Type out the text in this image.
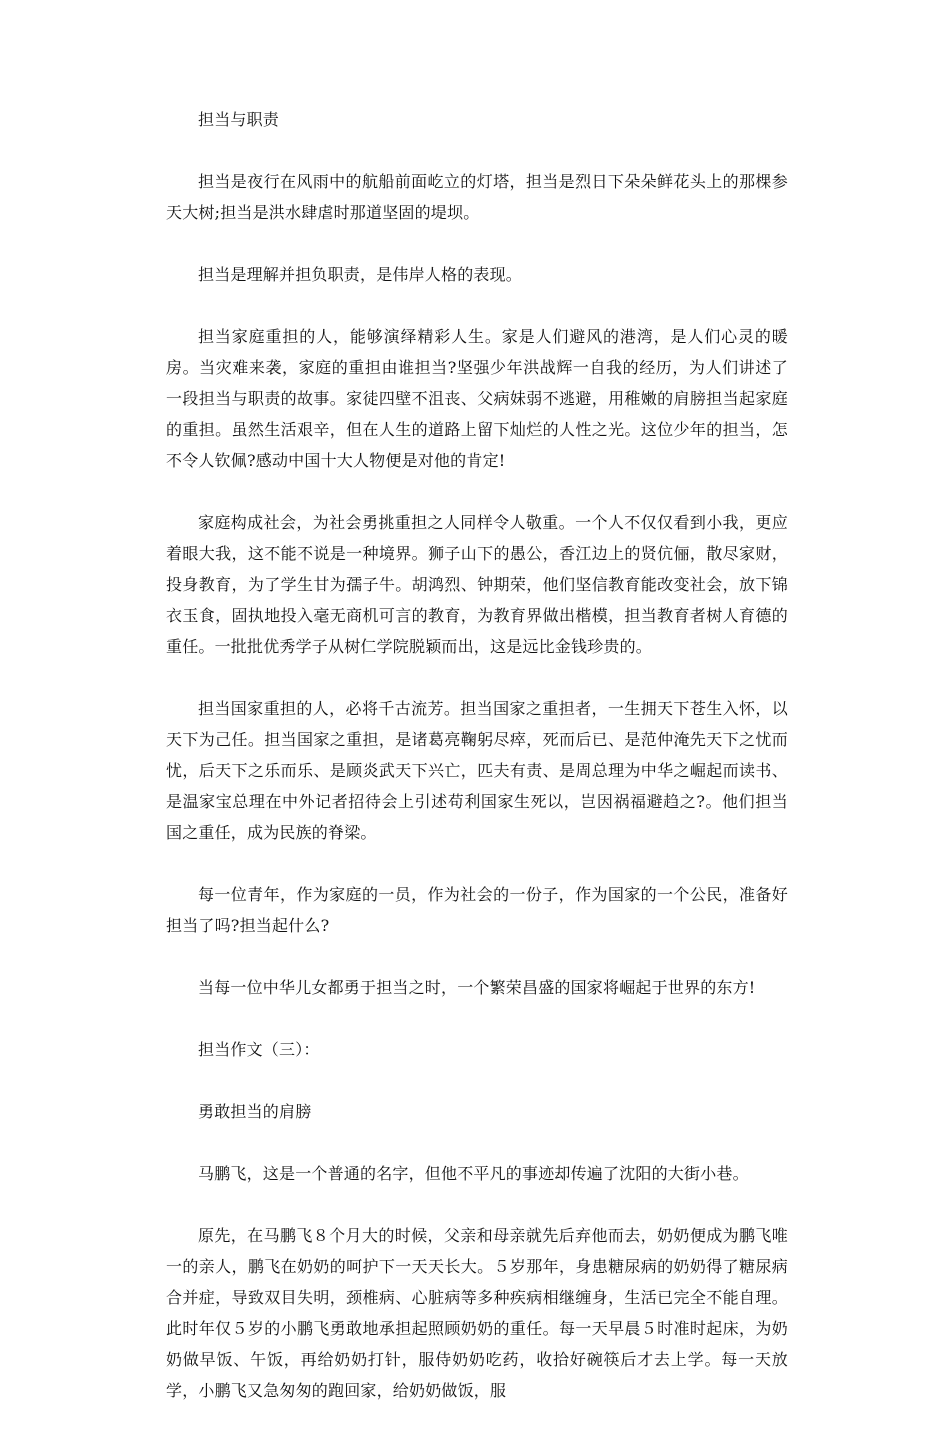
担当与职责

担当是夜行在风雨中的航船前面屹立的灯塔，担当是烈日下朵朵鲜花头上的那棵参天大树;担当是洪水肆虐时那道坚固的堤坝。

担当是理解并担负职责，是伟岸人格的表现。

担当家庭重担的人，能够演绎精彩人生。家是人们避风的港湾，是人们心灵的暖房。当灾难来袭，家庭的重担由谁担当?坚强少年洪战辉一自我的经历，为人们讲述了一段担当与职责的故事。家徒四壁不沮丧、父病妹弱不逃避，用稚嫩的肩膀担当起家庭的重担。虽然生活艰辛，但在人生的道路上留下灿烂的人性之光。这位少年的担当，怎不令人钦佩?感动中国十大人物便是对他的肯定!

家庭构成社会，为社会勇挑重担之人同样令人敬重。一个人不仅仅看到小我，更应着眼大我，这不能不说是一种境界。狮子山下的愚公，香江边上的贤伉俪，散尽家财，投身教育，为了学生甘为孺子牛。胡鸿烈、钟期荣，他们坚信教育能改变社会，放下锦衣玉食，固执地投入毫无商机可言的教育，为教育界做出楷模，担当教育者树人育德的重任。一批批优秀学子从树仁学院脱颖而出，这是远比金钱珍贵的。

担当国家重担的人，必将千古流芳。担当国家之重担者，一生拥天下苍生入怀，以天下为己任。担当国家之重担，是诸葛亮鞠躬尽瘁，死而后已、是范仲淹先天下之忧而忧，后天下之乐而乐、是顾炎武天下兴亡，匹夫有责、是周总理为中华之崛起而读书、是温家宝总理在中外记者招待会上引述苟利国家生死以，岂因祸福避趋之?。他们担当国之重任，成为民族的脊梁。

每一位青年，作为家庭的一员，作为社会的一份子，作为国家的一个公民，准备好担当了吗?担当起什么?

当每一位中华儿女都勇于担当之时，一个繁荣昌盛的国家将崛起于世界的东方!

担当作文（三）：

勇敢担当的肩膀

马鹏飞，这是一个普通的名字，但他不平凡的事迹却传遍了沈阳的大街小巷。

原先，在马鹏飞８个月大的时候，父亲和母亲就先后弃他而去，奶奶便成为鹏飞唯一的亲人，鹏飞在奶奶的呵护下一天天长大。５岁那年，身患糖尿病的奶奶得了糖尿病合并症，导致双目失明，颈椎病、心脏病等多种疾病相继缠身，生活已完全不能自理。此时年仅５岁的小鹏飞勇敢地承担起照顾奶奶的重任。每一天早晨５时准时起床，为奶奶做早饭、午饭，再给奶奶打针，服侍奶奶吃药，收拾好碗筷后才去上学。每一天放学，小鹏飞又急匆匆的跑回家，给奶奶做饭，服
